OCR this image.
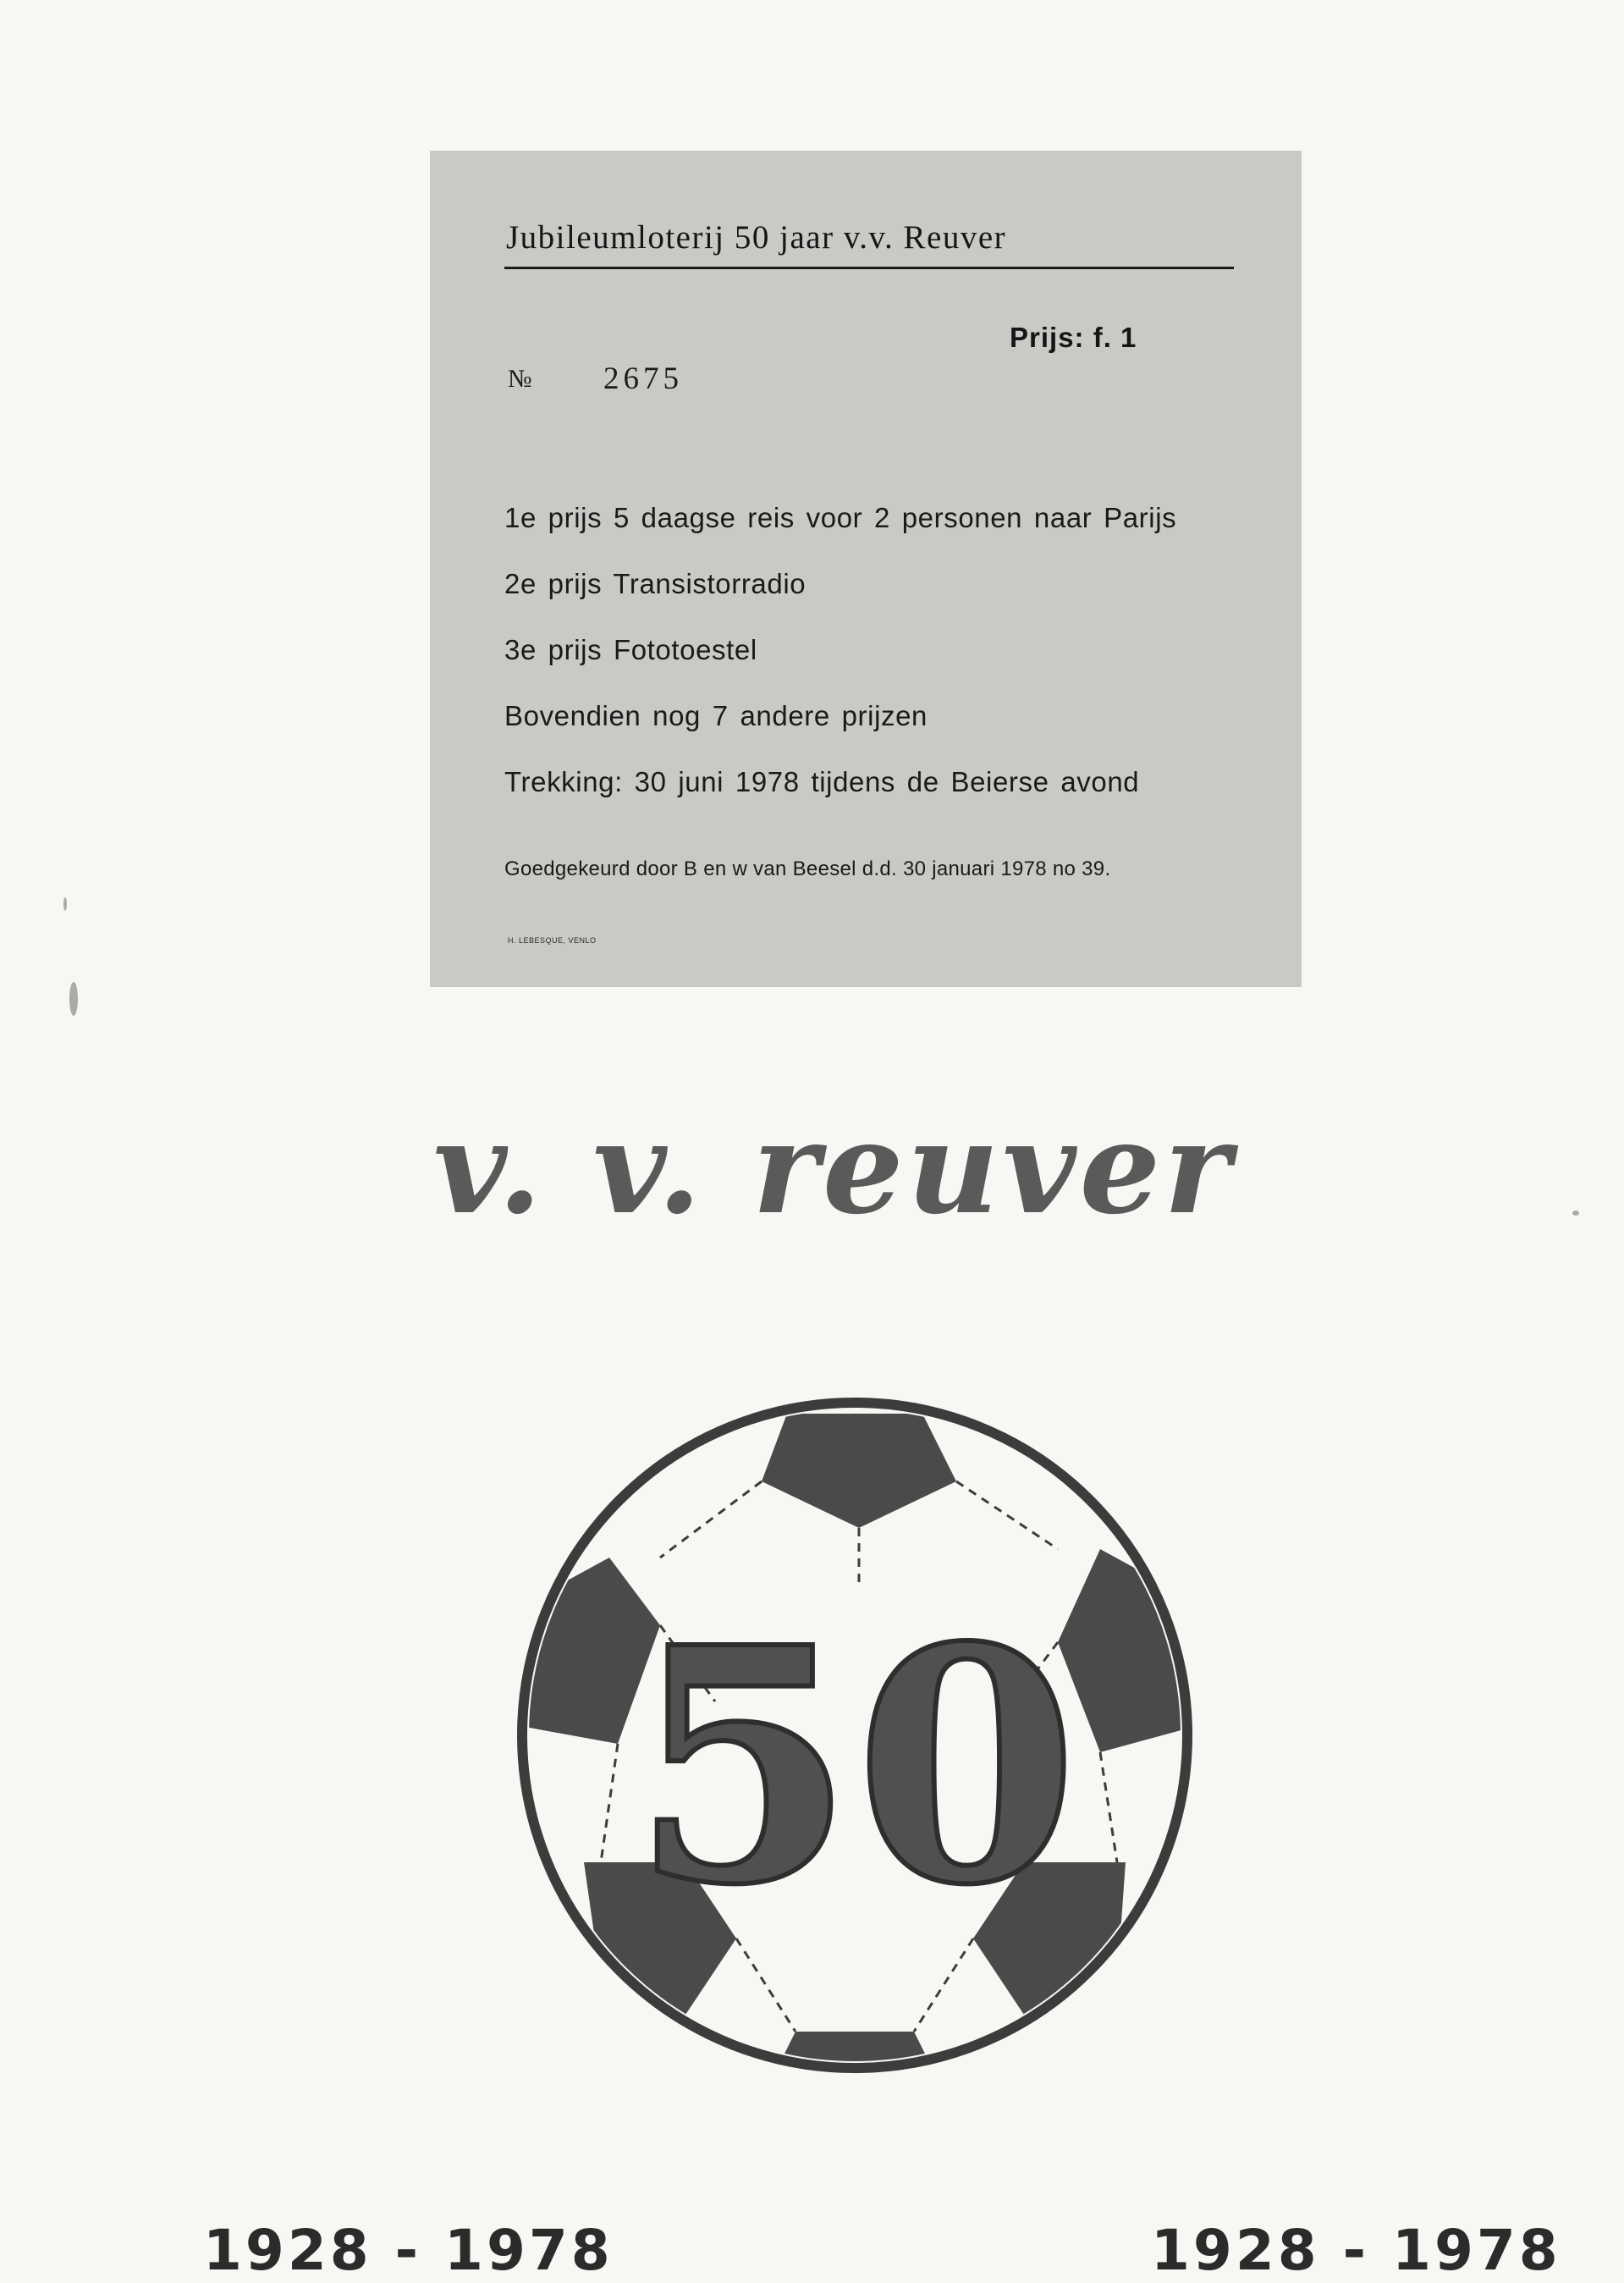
Jubileumloterij 50 jaar v.v. Reuver
Prijs: f. 1
№ 2675
1e prijs 5 daagse reis voor 2 personen naar Parijs
2e prijs Transistorradio
3e prijs Fototoestel
Bovendien nog 7 andere prijzen
Trekking: 30 juni 1978 tijdens de Beierse avond
Goedgekeurd door B en w van Beesel d.d. 30 januari 1978 no 39.
H. LEBESQUE, VENLO
v. v. reuver
50
1928 - 1978	1928 - 1978
